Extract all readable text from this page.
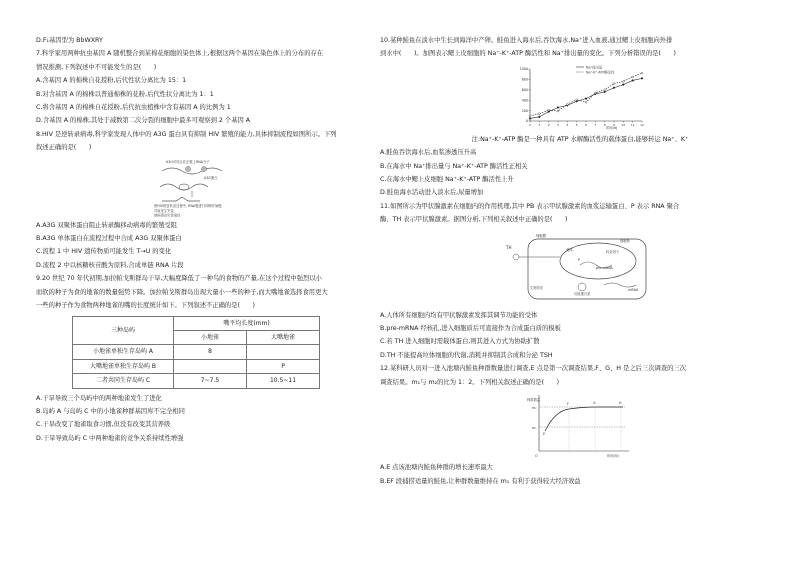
D.F₁基因型为 BbWXRY
7.科学家用两种抗虫基因 A 随机整合到某棉花细胞的染色体上,根据这两个基因在染色体上的分布的存在
情况推测,下列叙述中不可能发生的是(　　)
A.含基因 A 的棉株自花授粉,后代性状分离比为 15：1
B.对含基因 A 的棉株以普通棉株的花粉,后代性状分离比为 1：1
C.将含基因 A 的棉株自花授粉,后代抗虫植株中含有基因 A 的比例为 1
D.含基因 A 的棉株,其处于减数第二次分裂的细胞中最多可观察到 2 个基因 A
8.HIV 是逆转录病毒,科学家发现人体中的 A3G 蛋白具有抑制 HIV 繁殖的能力,具体抑制流程如图所示。下列
叙述正确的是(　　)
A3G可结合在正链上RNA分子
A3G蛋白
使HIV的逆转录过程中, RNA极进行抑制开始链
导致发生突变
使病毒丧失传染性
A.A3G 双聚体蛋白阻止转录酶移动病毒的繁殖受阻
B.A3G 单体蛋白在流程过程中合成 A3G 双聚体蛋白
C.流程 1 中 HIV 遗传物质可能发生 T→U 的变化
D.流程 2 中以核糖核苷酸为原料,合成单链 RNA 片段
9.20 世纪 70 年代初期,加拉帕戈斯群岛干旱,大幅度降低了一种鸟的食物的产量,在这个过程中强烈以小
而软的种子为食的地雀的数量强势下降。加拉帕戈斯群岛出现大量小一些的种子,而大嘴地雀选择食用更大
一些的种子作为食物两种地雀的嘴的长度统计如下。下列叙述不正确的是(　　)
三种岛屿	嘴平均长度(mm)	
	小地雀	大嘴地雀
小地雀单独生存岛屿 A	8	
大嘴地雀单独生存岛屿 B		P
二者共同生存岛屿 C	7~7.5	10.5~11
A.干旱导致三个岛屿中的两种地雀发生了进化
B.岛屿 A 与岛屿 C 中的小地雀种群基因库不完全相同
C.干旱改变了地雀取食习惯,但没有改变其营养级
D.干旱导致岛屿 C 中两种地雀的竞争关系持续性增强
10.某种鲑鱼在淡水中生长到海洋中产卵。鲑鱼进入海水后,吞饮海水,Na⁺进入血液,通过鳃上皮细胞向外排
到水中(　　)。加图表示鳃上皮细胞的 Na⁺-K⁺-ATP 酶活性和 Na⁺排出量的变化。下列分析错误的是(　　)
1000
800
600
400
200
0
0 1 2 3 4 5 6 7 8 9 10 11 12
Na⁺排出量
Na⁺-K⁺-ATP酶活性
时间(d)
注:Na⁺-K⁺-ATP 酶是一种具有 ATP 水解酶活性的载体蛋白,能够转运 Na⁺、K⁺
A.鲑鱼吞饮海水后,血浆渗透压升高
B.在海水中 Na⁺排出量与 Na⁺-K⁺-ATP 酶活性正相关
C.在海水中鳃上皮细胞 Na⁺-K⁺-ATP 酶活性上升
D.鲑鱼海水活动进入淡水后,尿量增加
11.如图所示为甲状腺激素在细胞内的作用机理,其中 PB 表示甲状腺激素的血浆运输蛋白、P 表示 RNA 聚合
酶、TH 表示甲状腺激素。据图分析,下列相关叙述中正确的是(　　)
细胞膜
细胞核
TH	受体	转录因子
P
pre-mRNA
mRNA
生物效应
功能蛋白质
A.人体所有细胞内均有甲状腺激素发挥其调节功能的受体
B.pre-mRNA 经核孔,进入细胞质后可直接作为合成蛋白质的模板
C.若 TH 进入细胞时需载体蛋白,则其进入方式为协助扩散
D.TH 不能提高垃体细胞的代谢,消耗并抑制其合成和分泌 TSH
12.某科研人员对一进入池塘内鲑鱼种群数量进行调查,E 点是第一次调查结果,F、G、H 是之后三次调查的三次
调查结果。m₁与 m₂的比为 1：2。下列相关叙述正确的是(　　)
种群数量
时间(年)
O
m₂
m₁
E
F	G	H
A.E 点该池塘内鲑鱼种群的增长速率最大
B.EF 段捕捞适量的鲑鱼,让种群数量维持在 m₁ 有利于获得较大经济效益
